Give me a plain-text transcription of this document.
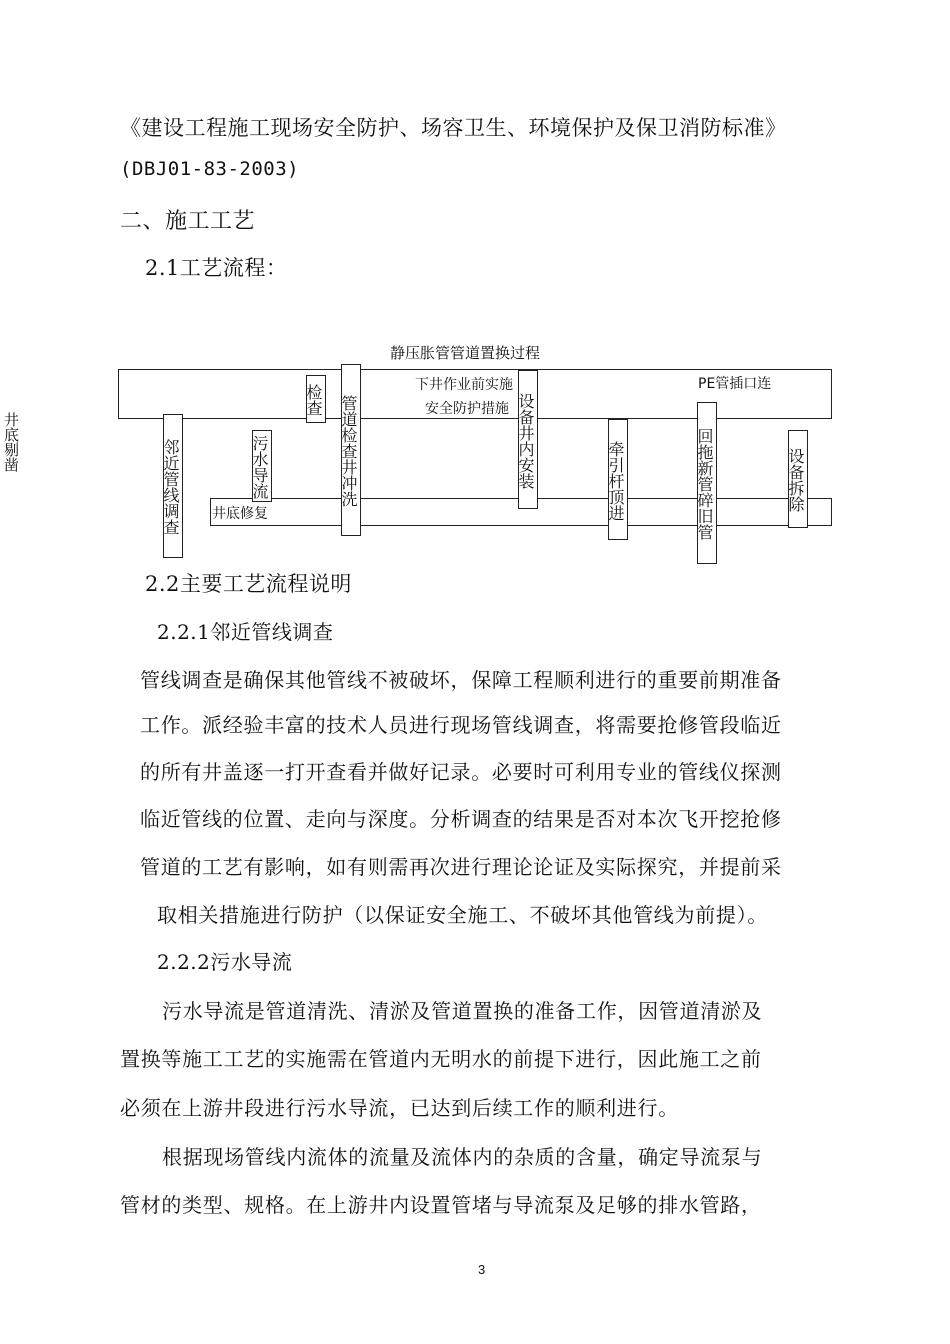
《建设工程施工现场安全防护、场容卫生、环境保护及保卫消防标准》
(DBJ01-83-2003)
二、施工工艺
2.1工艺流程：
静压胀管管道置换过程
下井作业前实施
安全防护措施
PE管插口连
井底修复
邻近管线调查	污水导流
检查 管道检查井冲洗	设备井内安装	牵引杆顶进	回拖新管碎旧管	设备拆除
井底剔凿
2.2主要工艺流程说明
2.2.1邻近管线调查
管线调查是确保其他管线不被破坏，保障工程顺利进行的重要前期准备
工作。派经验丰富的技术人员进行现场管线调查，将需要抢修管段临近
的所有井盖逐一打开查看并做好记录。必要时可利用专业的管线仪探测
临近管线的位置、走向与深度。分析调查的结果是否对本次飞开挖抢修
管道的工艺有影响，如有则需再次进行理论论证及实际探究，并提前采
取相关措施进行防护（以保证安全施工、不破坏其他管线为前提）。
2.2.2污水导流
污水导流是管道清洗、清淤及管道置换的准备工作，因管道清淤及
置换等施工工艺的实施需在管道内无明水的前提下进行，因此施工之前
必须在上游井段进行污水导流，已达到后续工作的顺利进行。
根据现场管线内流体的流量及流体内的杂质的含量，确定导流泵与
管材的类型、规格。在上游井内设置管堵与导流泵及足够的排水管路，
3
